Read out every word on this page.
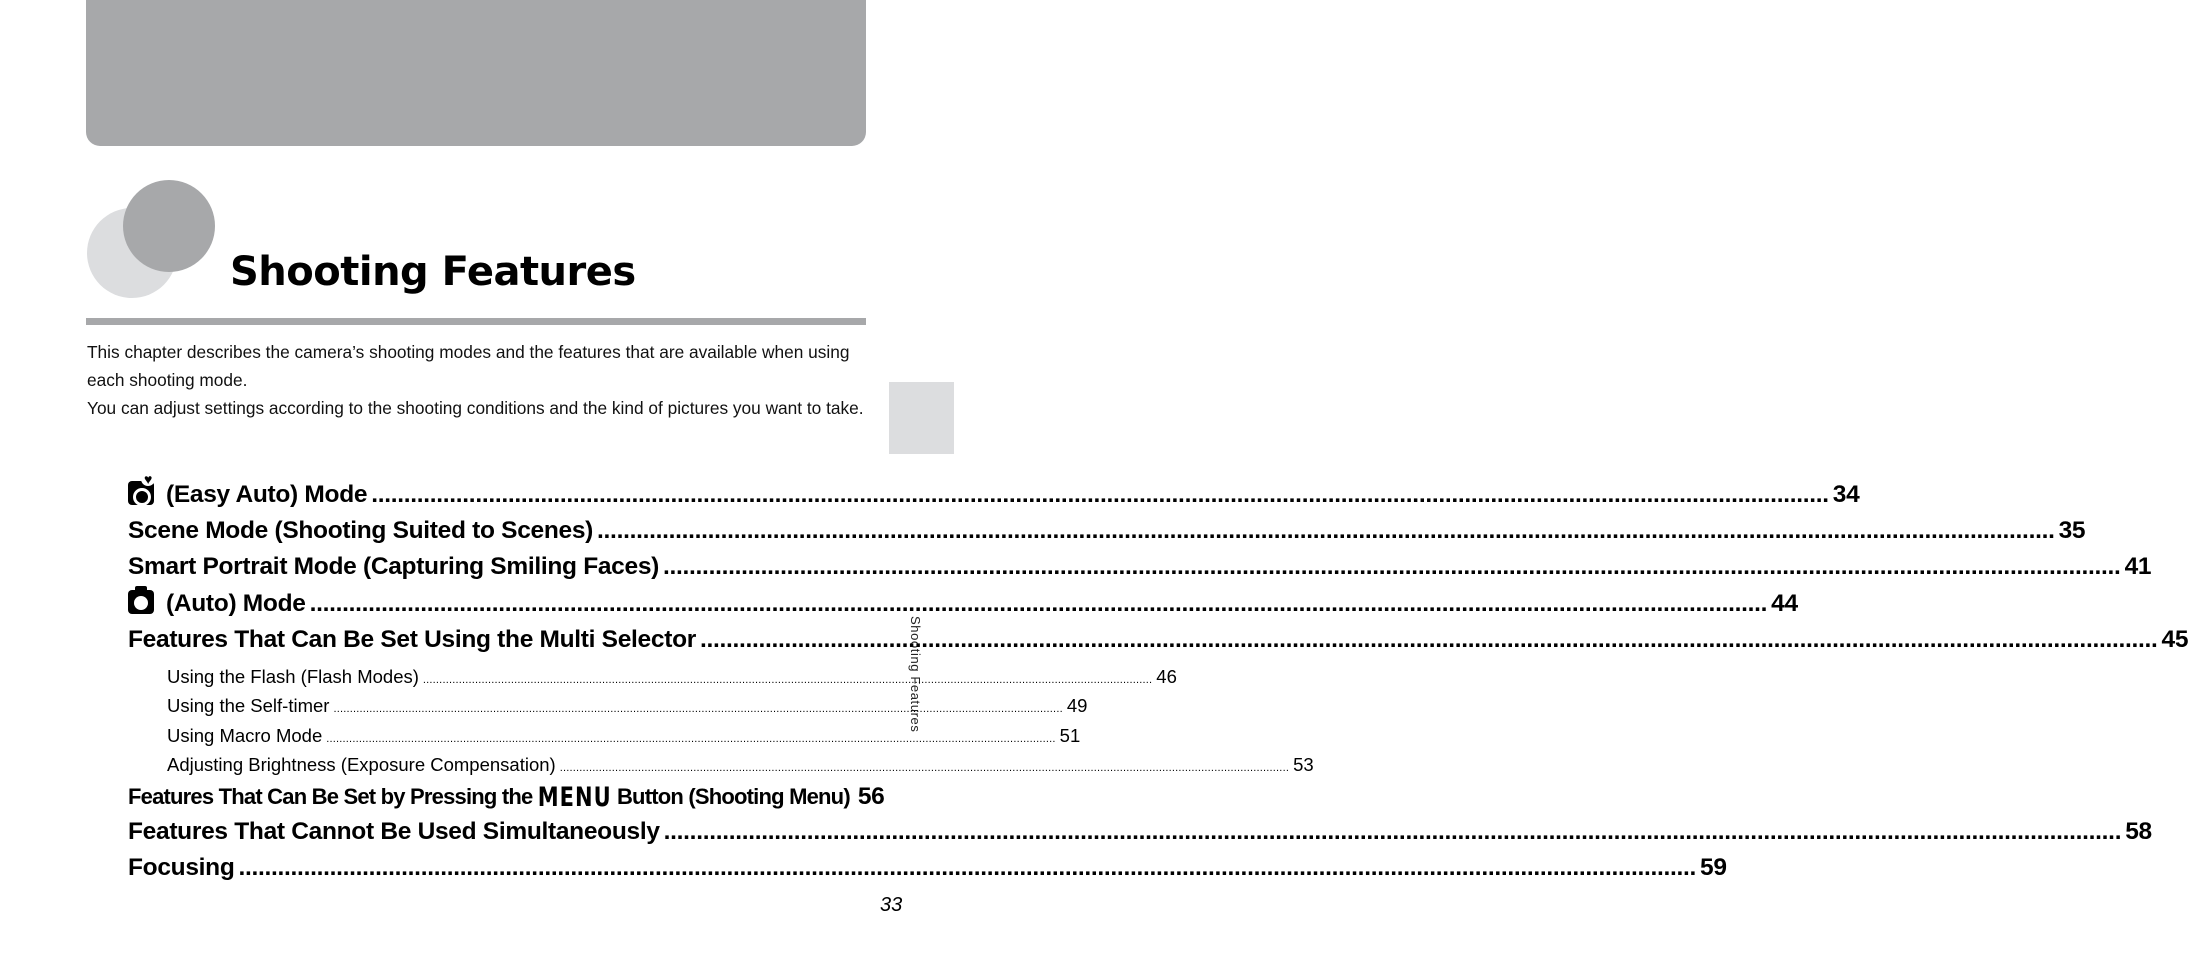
Shooting Features

This chapter describes the camera’s shooting modes and the features that are available when using each shooting mode.

You can adjust settings according to the shooting conditions and the kind of pictures you want to take.

Shooting Features
♥(Easy Auto) Mode .....	34
Scene Mode (Shooting Suited to Scenes) .....	35
Smart Portrait Mode (Capturing Smiling Faces) .....	41
(Auto) Mode .....	44
Features That Can Be Set Using the Multi Selector .....	45
Using the Flash (Flash Modes) .....	46
Using the Self-timer .....	49
Using Macro Mode .....	51
Adjusting Brightness (Exposure Compensation) .....	53
Features That Can Be Set by Pressing the MENU Button (Shooting Menu) 56
Features That Cannot Be Used Simultaneously .....	58
Focusing .....	59
33
